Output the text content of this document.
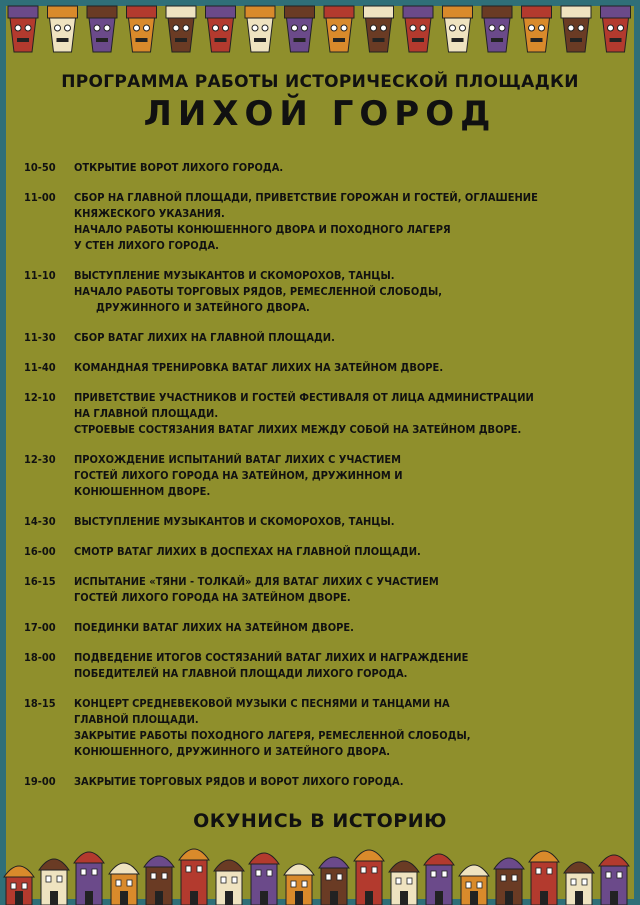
ПРОГРАММА РАБОТЫ ИСТОРИЧЕСКОЙ ПЛОЩАДКИ
ЛИХОЙ ГОРОД
10-50	ОТКРЫТИЕ ВОРОТ ЛИХОГО ГОРОДА.
11-00	СБОР НА ГЛАВНОЙ ПЛОЩАДИ, ПРИВЕТСТВИЕ ГОРОЖАН И ГОСТЕЙ, ОГЛАШЕНИЕ
КНЯЖЕСКОГО УКАЗАНИЯ.
НАЧАЛО РАБОТЫ КОНЮШЕННОГО ДВОРА И ПОХОДНОГО ЛАГЕРЯ
У СТЕН ЛИХОГО ГОРОДА.
11-10	ВЫСТУПЛЕНИЕ МУЗЫКАНТОВ И СКОМОРОХОВ, ТАНЦЫ.
НАЧАЛО РАБОТЫ ТОРГОВЫХ РЯДОВ, РЕМЕСЛЕННОЙ СЛОБОДЫ,
ДРУЖИННОГО И ЗАТЕЙНОГО ДВОРА.
11-30	СБОР ВАТАГ ЛИХИХ НА ГЛАВНОЙ ПЛОЩАДИ.
11-40	КОМАНДНАЯ ТРЕНИРОВКА ВАТАГ ЛИХИХ НА ЗАТЕЙНОМ ДВОРЕ.
12-10	ПРИВЕТСТВИЕ УЧАСТНИКОВ И ГОСТЕЙ ФЕСТИВАЛЯ ОТ ЛИЦА АДМИНИСТРАЦИИ
НА ГЛАВНОЙ ПЛОЩАДИ.
СТРОЕВЫЕ СОСТЯЗАНИЯ ВАТАГ ЛИХИХ МЕЖДУ СОБОЙ НА ЗАТЕЙНОМ ДВОРЕ.
12-30	ПРОХОЖДЕНИЕ ИСПЫТАНИЙ ВАТАГ ЛИХИХ С УЧАСТИЕМ
ГОСТЕЙ ЛИХОГО ГОРОДА НА ЗАТЕЙНОМ, ДРУЖИННОМ И
КОНЮШЕННОМ ДВОРЕ.
14-30	ВЫСТУПЛЕНИЕ МУЗЫКАНТОВ И СКОМОРОХОВ, ТАНЦЫ.
16-00	СМОТР ВАТАГ ЛИХИХ В ДОСПЕХАХ НА ГЛАВНОЙ ПЛОЩАДИ.
16-15	ИСПЫТАНИЕ «ТЯНИ - ТОЛКАЙ» ДЛЯ ВАТАГ ЛИХИХ С УЧАСТИЕМ
ГОСТЕЙ ЛИХОГО ГОРОДА НА ЗАТЕЙНОМ ДВОРЕ.
17-00	ПОЕДИНКИ ВАТАГ ЛИХИХ НА ЗАТЕЙНОМ ДВОРЕ.
18-00	ПОДВЕДЕНИЕ ИТОГОВ СОСТЯЗАНИЙ ВАТАГ ЛИХИХ И НАГРАЖДЕНИЕ
ПОБЕДИТЕЛЕЙ НА ГЛАВНОЙ ПЛОЩАДИ ЛИХОГО ГОРОДА.
18-15	КОНЦЕРТ СРЕДНЕВЕКОВОЙ МУЗЫКИ С ПЕСНЯМИ И ТАНЦАМИ НА
ГЛАВНОЙ ПЛОЩАДИ.
ЗАКРЫТИЕ РАБОТЫ ПОХОДНОГО ЛАГЕРЯ, РЕМЕСЛЕННОЙ СЛОБОДЫ,
КОНЮШЕННОГО, ДРУЖИННОГО И ЗАТЕЙНОГО ДВОРА.
19-00	ЗАКРЫТИЕ ТОРГОВЫХ РЯДОВ И ВОРОТ ЛИХОГО ГОРОДА.
ОКУНИСЬ В ИСТОРИЮ
